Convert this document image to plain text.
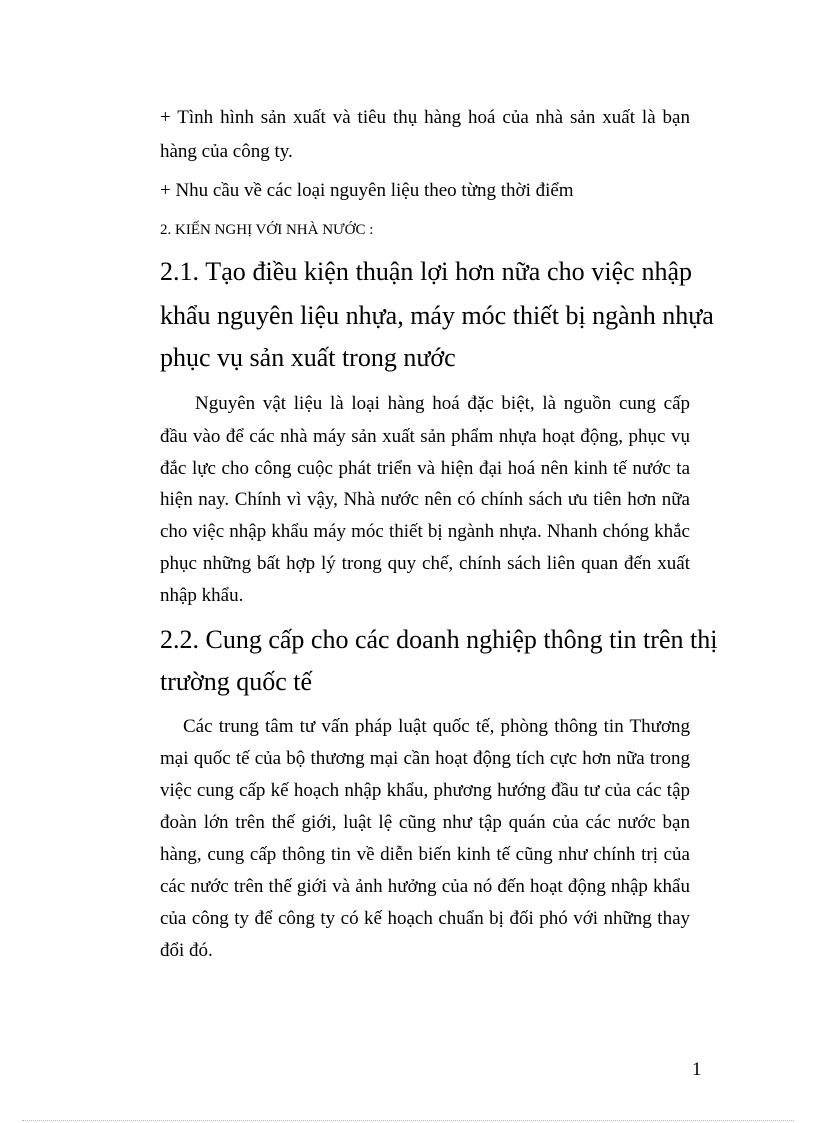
+ Tình hình sản xuất và tiêu thụ hàng hoá của nhà sản xuất là bạn
hàng của công ty.
+ Nhu cầu về các loại nguyên liệu theo từng thời điểm
2. KIẾN NGHỊ VỚI NHÀ NƯỚC :
2.1. Tạo điều kiện thuận lợi hơn nữa cho việc nhập
khẩu nguyên liệu nhựa, máy móc thiết bị ngành nhựa
phục vụ sản xuất trong nước
Nguyên vật liệu là loại hàng hoá đặc biệt, là nguồn cung cấp
đầu vào để các nhà máy sản xuất sản phẩm nhựa hoạt động, phục vụ
đắc lực cho công cuộc phát triển và hiện đại hoá nên kinh tế nước ta
hiện nay. Chính vì vậy, Nhà nước nên có chính sách ưu tiên hơn nữa
cho việc nhập khẩu máy móc thiết bị ngành nhựa. Nhanh chóng khắc
phục những bất hợp lý trong quy chế, chính sách liên quan đến xuất
nhập khẩu.
2.2. Cung cấp cho các doanh nghiệp thông tin trên thị
trường quốc tế
Các trung tâm tư vấn pháp luật quốc tế, phòng thông tin Thương
mại quốc tế của bộ thương mại cần hoạt động tích cực hơn nữa trong
việc cung cấp kế hoạch nhập khẩu, phương hướng đầu tư của các tập
đoàn lớn trên thế giới, luật lệ cũng như tập quán của các nước bạn
hàng, cung cấp thông tin về diễn biến kinh tế cũng như chính trị của
các nước trên thế giới và ảnh hưởng của nó đến hoạt động nhập khẩu
của công ty để công ty có kế hoạch chuẩn bị đối phó với những thay
đổi đó.
1
